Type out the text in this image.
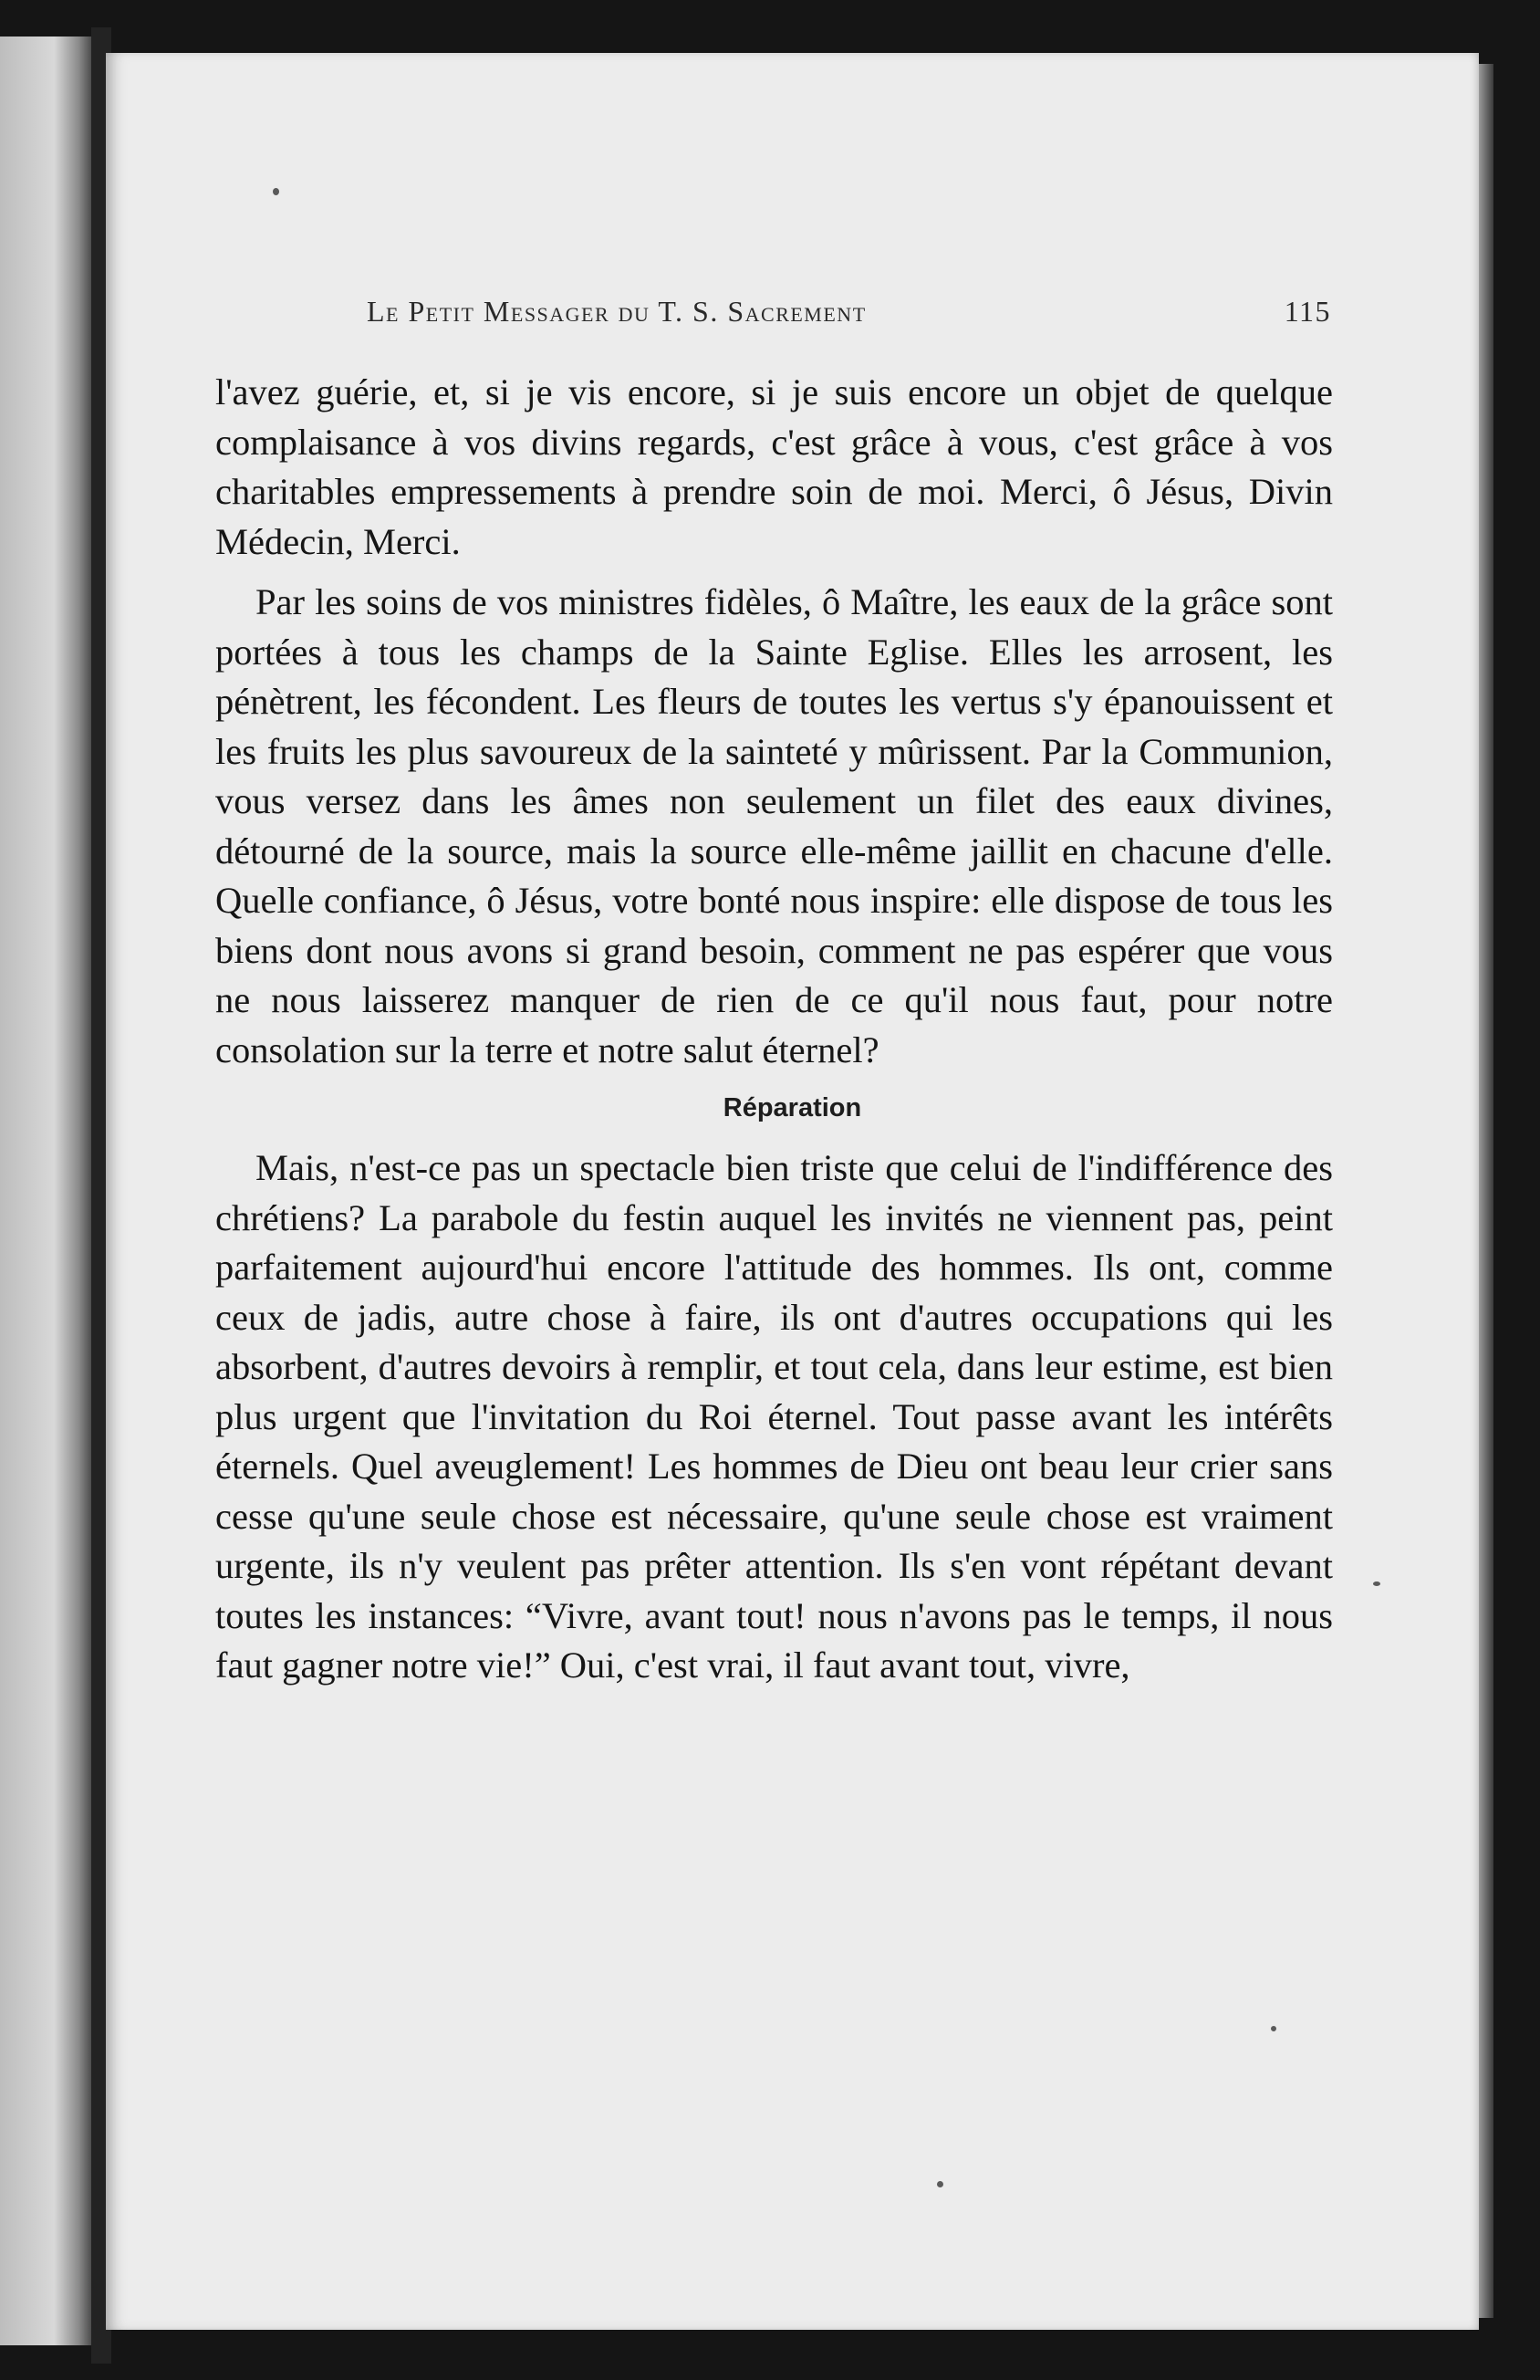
Le Petit Messager du T. S. Sacrement	115

l'avez guérie, et, si je vis encore, si je suis encore un objet de quelque complaisance à vos divins regards, c'est grâce à vous, c'est grâce à vos charitables empressements à prendre soin de moi. Merci, ô Jésus, Divin Médecin, Merci.

Par les soins de vos ministres fidèles, ô Maître, les eaux de la grâce sont portées à tous les champs de la Sainte Eglise. Elles les arrosent, les pénètrent, les fécondent. Les fleurs de toutes les vertus s'y épanouissent et les fruits les plus savoureux de la sainteté y mûrissent. Par la Communion, vous versez dans les âmes non seulement un filet des eaux divines, détourné de la source, mais la source elle-même jaillit en chacune d'elle. Quelle confiance, ô Jésus, votre bonté nous inspire: elle dispose de tous les biens dont nous avons si grand besoin, comment ne pas espérer que vous ne nous laisserez manquer de rien de ce qu'il nous faut, pour notre consolation sur la terre et notre salut éternel?

Réparation

Mais, n'est-ce pas un spectacle bien triste que celui de l'indifférence des chrétiens? La parabole du festin auquel les invités ne viennent pas, peint parfaitement aujourd'hui encore l'attitude des hommes. Ils ont, comme ceux de jadis, autre chose à faire, ils ont d'autres occupations qui les absorbent, d'autres devoirs à remplir, et tout cela, dans leur estime, est bien plus urgent que l'invitation du Roi éternel. Tout passe avant les intérêts éternels. Quel aveuglement! Les hommes de Dieu ont beau leur crier sans cesse qu'une seule chose est nécessaire, qu'une seule chose est vraiment urgente, ils n'y veulent pas prêter attention. Ils s'en vont répétant devant toutes les instances: “Vivre, avant tout! nous n'avons pas le temps, il nous faut gagner notre vie!” Oui, c'est vrai, il faut avant tout, vivre,
